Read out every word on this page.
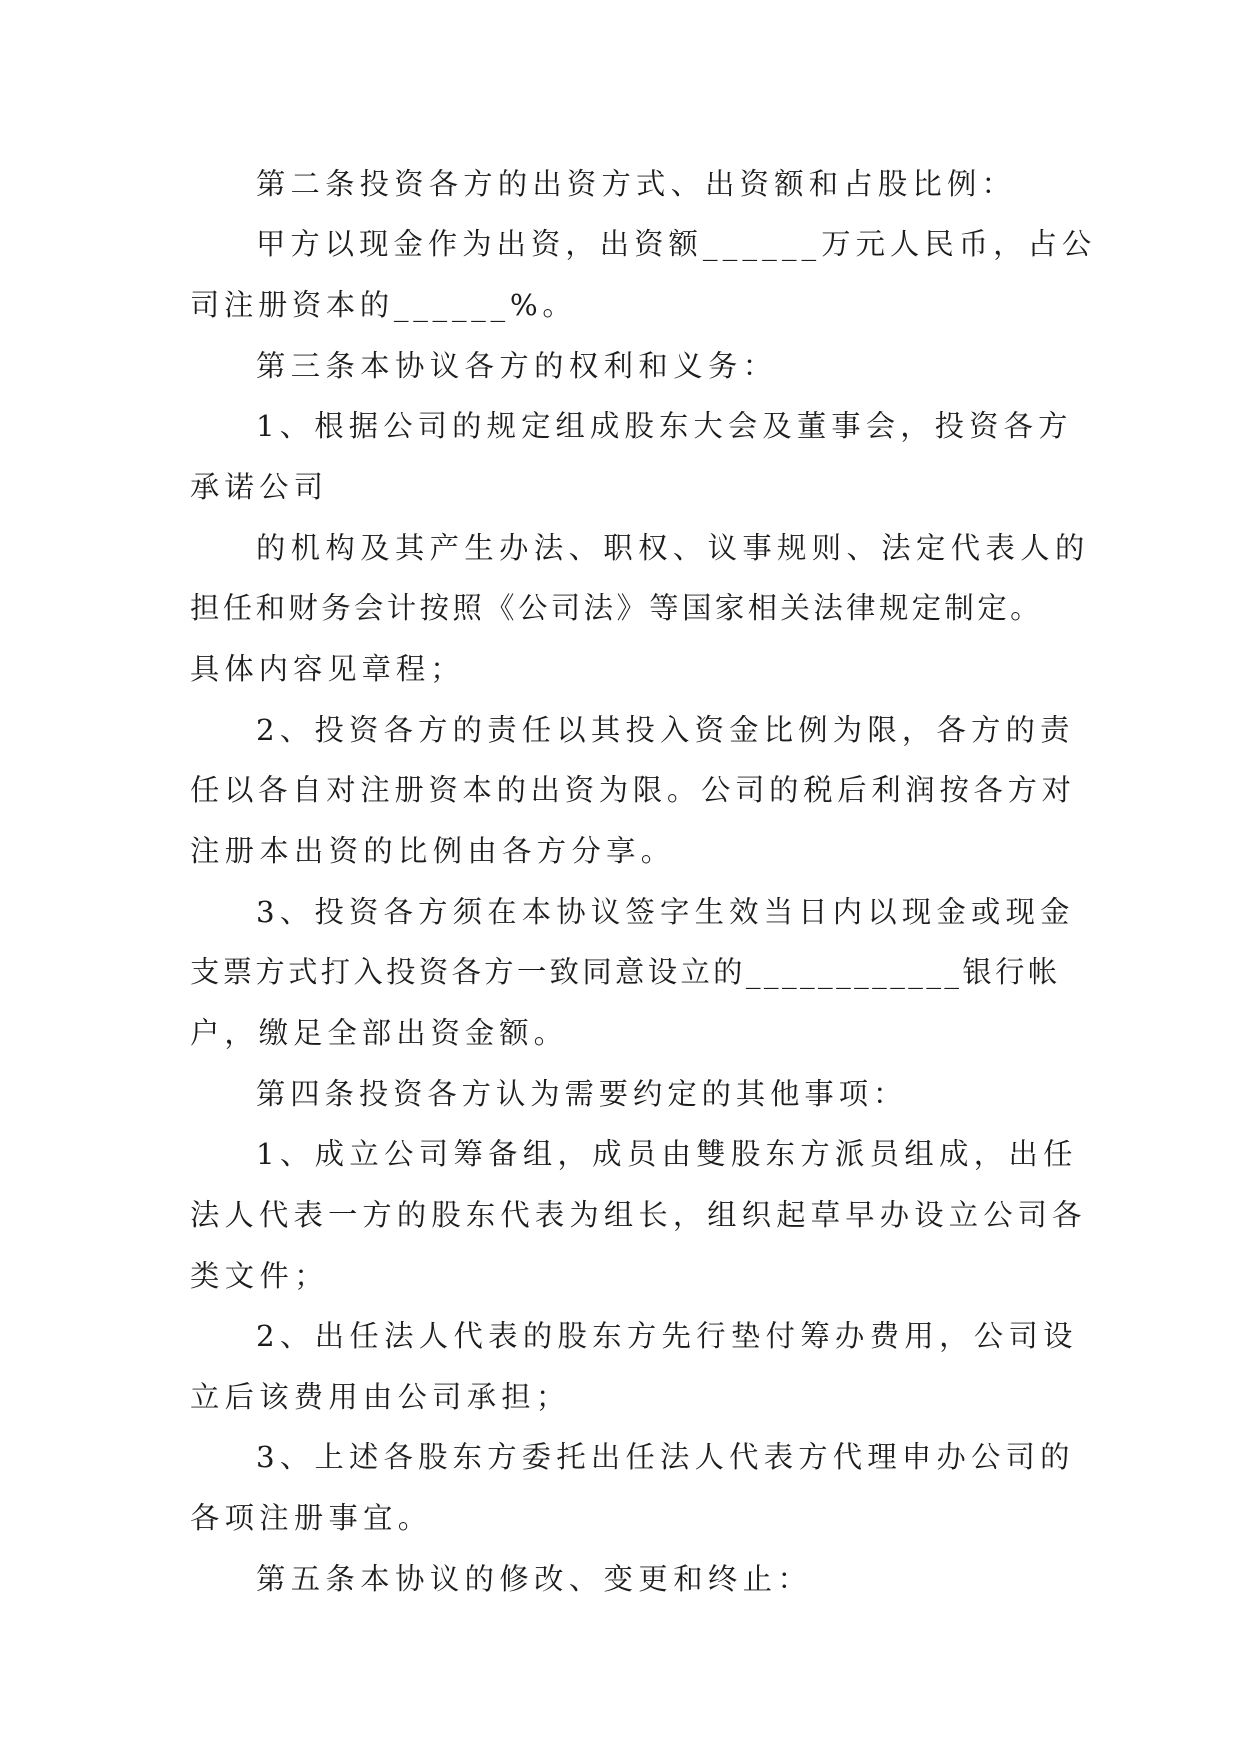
第二条投资各方的出资方式、出资额和占股比例：
甲方以现金作为出资，出资额______万元人民币，占公
司注册资本的______%。
第三条本协议各方的权利和义务：
1、根据公司的规定组成股东大会及董事会，投资各方
承诺公司
的机构及其产生办法、职权、议事规则、法定代表人的
担任和财务会计按照《公司法》等国家相关法律规定制定。
具体内容见章程；
2、投资各方的责任以其投入资金比例为限，各方的责
任以各自对注册资本的出资为限。公司的税后利润按各方对
注册本出资的比例由各方分享。
3、投资各方须在本协议签字生效当日内以现金或现金
支票方式打入投资各方一致同意设立的____________银行帐
户，缴足全部出资金额。
第四条投资各方认为需要约定的其他事项：
1、成立公司筹备组，成员由雙股东方派员组成，出任
法人代表一方的股东代表为组长，组织起草早办设立公司各
类文件；
2、出任法人代表的股东方先行垫付筹办费用，公司设
立后该费用由公司承担；
3、上述各股东方委托出任法人代表方代理申办公司的
各项注册事宜。
第五条本协议的修改、变更和终止：
